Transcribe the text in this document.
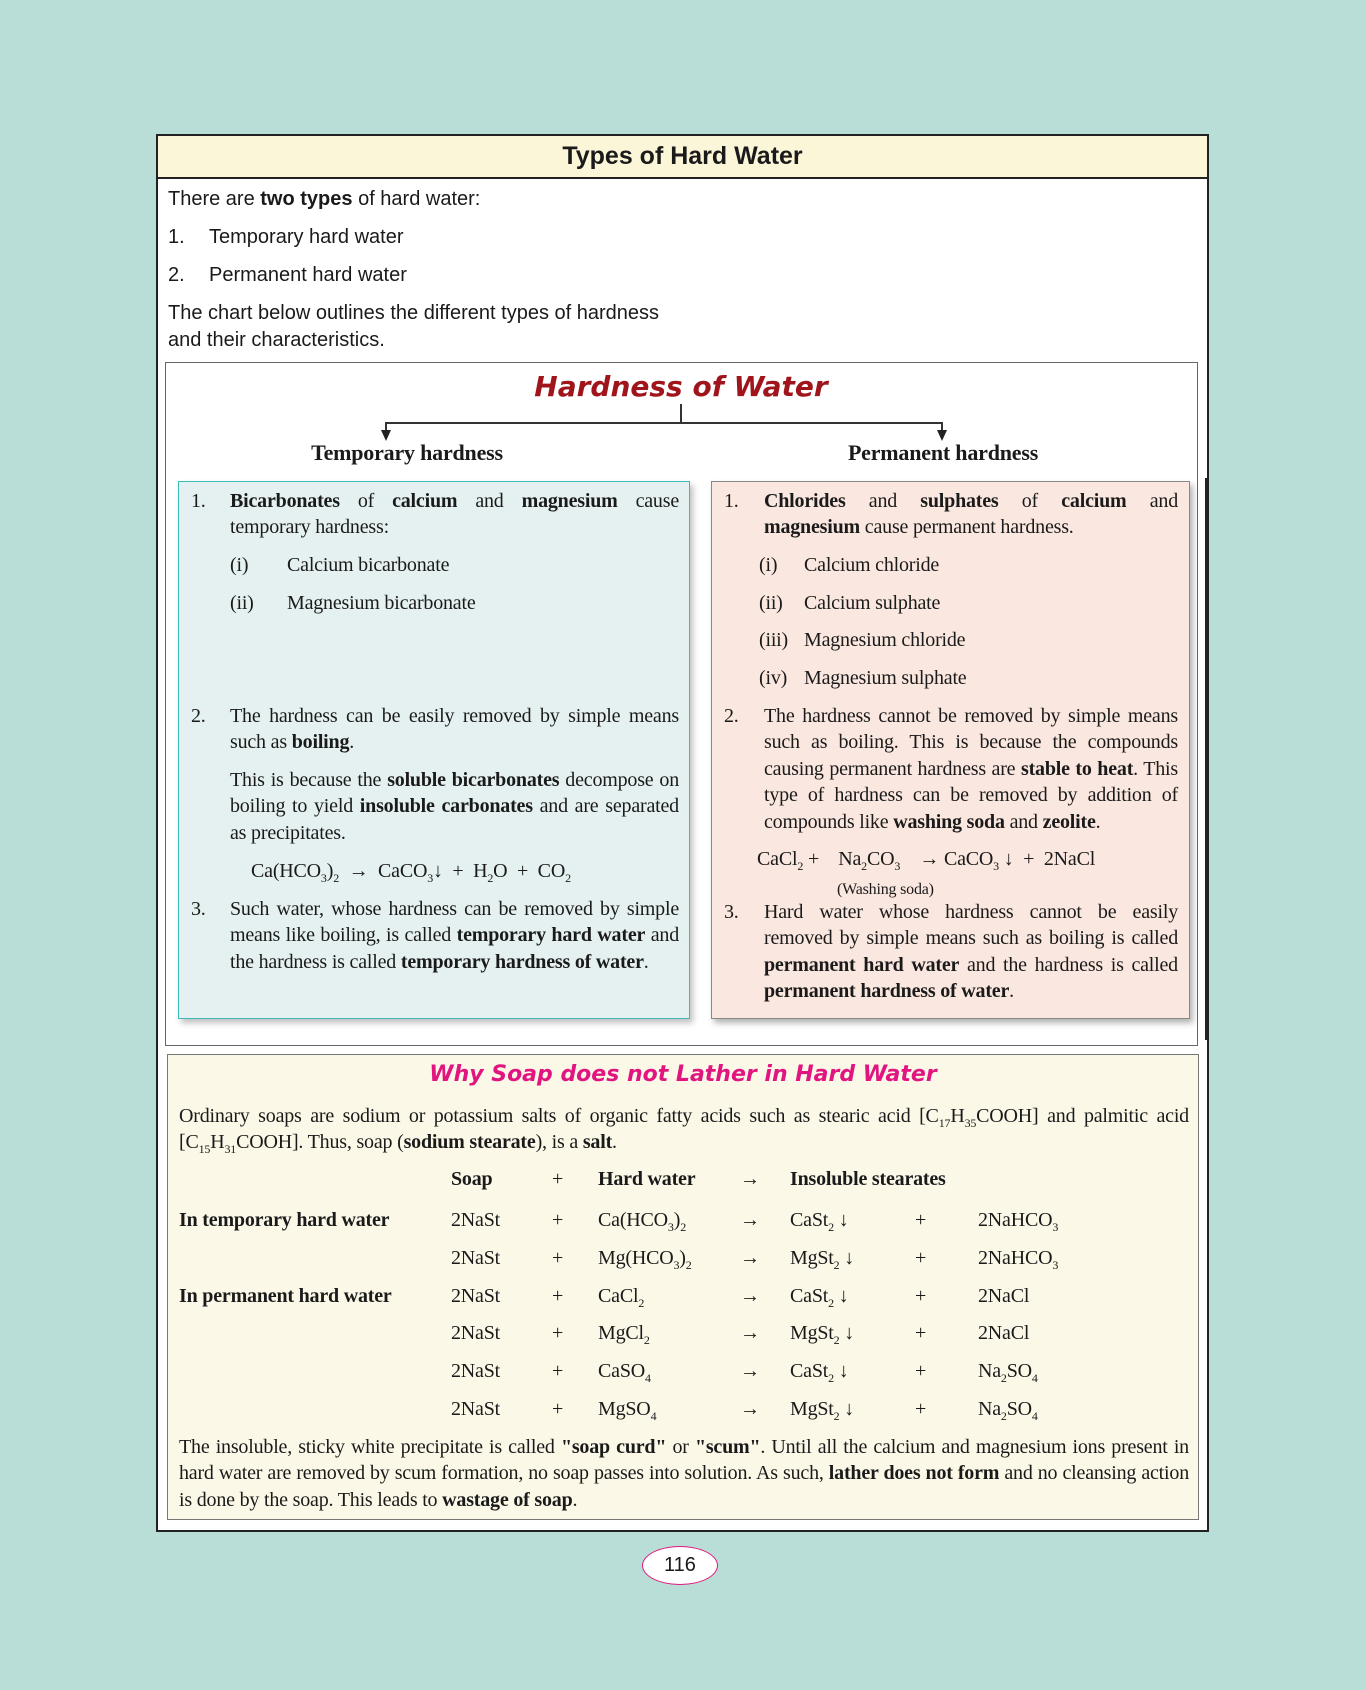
Types of Hard Water
There are two types of hard water:
1. Temporary hard water
2. Permanent hard water
The chart below outlines the different types of hardness
and their characteristics.
Hardness of Water
Temporary hardness	Permanent hardness
1. Bicarbonates of calcium and magnesium cause temporary hardness:
(i) Calcium bicarbonate
(ii) Magnesium bicarbonate
2. The hardness can be easily removed by simple means such as boiling.
This is because the soluble bicarbonates decompose on boiling to yield insoluble carbonates and are separated as precipitates.
$Ca(HCO_3)_2$  →  CaCO$_3$↓  +  $H_2O + CO_2$
3. Such water, whose hardness can be removed by simple means like boiling, is called temporary hard water and the hardness is called temporary hardness of water.
1. Chlorides and sulphates of calcium and magnesium cause permanent hardness.
(i) Calcium chloride
(ii) Calcium sulphate
(iii) Magnesium chloride
(iv) Magnesium sulphate
2. The hardness cannot be removed by simple means such as boiling. This is because the compounds causing permanent hardness are stable to heat. This type of hardness can be removed by addition of compounds like washing soda and zeolite.
CaCl$_2$ +    $Na_2CO_3$    → CaCO$_3$ ↓  +  2NaCl
(Washing soda)
3. Hard water whose hardness cannot be easily removed by simple means such as boiling is called permanent hard water and the hardness is called permanent hardness of water.
Why Soap does not Lather in Hard Water
Ordinary soaps are sodium or potassium salts of organic fatty acids such as stearic acid $[C_{17}H_{35}COOH]$ and palmitic acid $[C_{15}H_{31}COOH]$. Thus, soap (sodium stearate), is a salt.
Soap	+ Hard water → Insoluble stearates
In temporary hard water	2NaSt	+ $Ca(HCO_3)_2$	→ CaSt$_2$ ↓	+	2NaHCO$_3$
2NaSt	+ $Mg(HCO_3)_2$ → MgSt$_2$ ↓	+	2NaHCO$_3$
In permanent hard water	2NaSt	+ CaCl$_2$	→ CaSt$_2$ ↓	+	2NaCl
2NaSt	+ MgCl$_2$	→ MgSt$_2$ ↓	+	2NaCl
2NaSt	+ CaSO$_4$	→ CaSt$_2$ ↓	+	$Na_2SO_4$
2NaSt	+ MgSO$_4$	→ MgSt$_2$ ↓	+	$Na_2SO_4$
The insoluble, sticky white precipitate is called "soap curd" or "scum". Until all the calcium and magnesium ions present in hard water are removed by scum formation, no soap passes into solution. As such, lather does not form and no cleansing action is done by the soap. This leads to wastage of soap.
116
